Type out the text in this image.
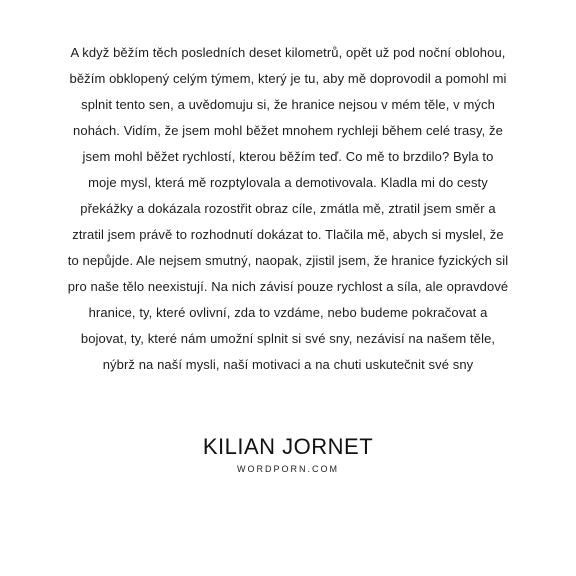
A když běžím těch posledních deset kilometrů, opět už pod noční oblohou,
běžím obklopený celým týmem, který je tu, aby mě doprovodil a pomohl mi
splnit tento sen, a uvědomuju si, že hranice nejsou v mém těle, v mých
nohách. Vidím, že jsem mohl běžet mnohem rychleji během celé trasy, že
jsem mohl běžet rychlostí, kterou běžím teď. Co mě to brzdilo? Byla to
moje mysl, která mě rozptylovala a demotivovala. Kladla mi do cesty
překážky a dokázala rozostřit obraz cíle, zmátla mě, ztratil jsem směr a
ztratil jsem právě to rozhodnutí dokázat to. Tlačila mě, abych si myslel, že
to nepůjde. Ale nejsem smutný, naopak, zjistil jsem, že hranice fyzických sil
pro naše tělo neexistují. Na nich závisí pouze rychlost a síla, ale opravdové
hranice, ty, které ovlivní, zda to vzdáme, nebo budeme pokračovat a
bojovat, ty, které nám umožní splnit si své sny, nezávisí na našem těle,
nýbrž na naší mysli, naší motivaci a na chuti uskutečnit své sny

KILIAN JORNET
WORDPORN.COM
